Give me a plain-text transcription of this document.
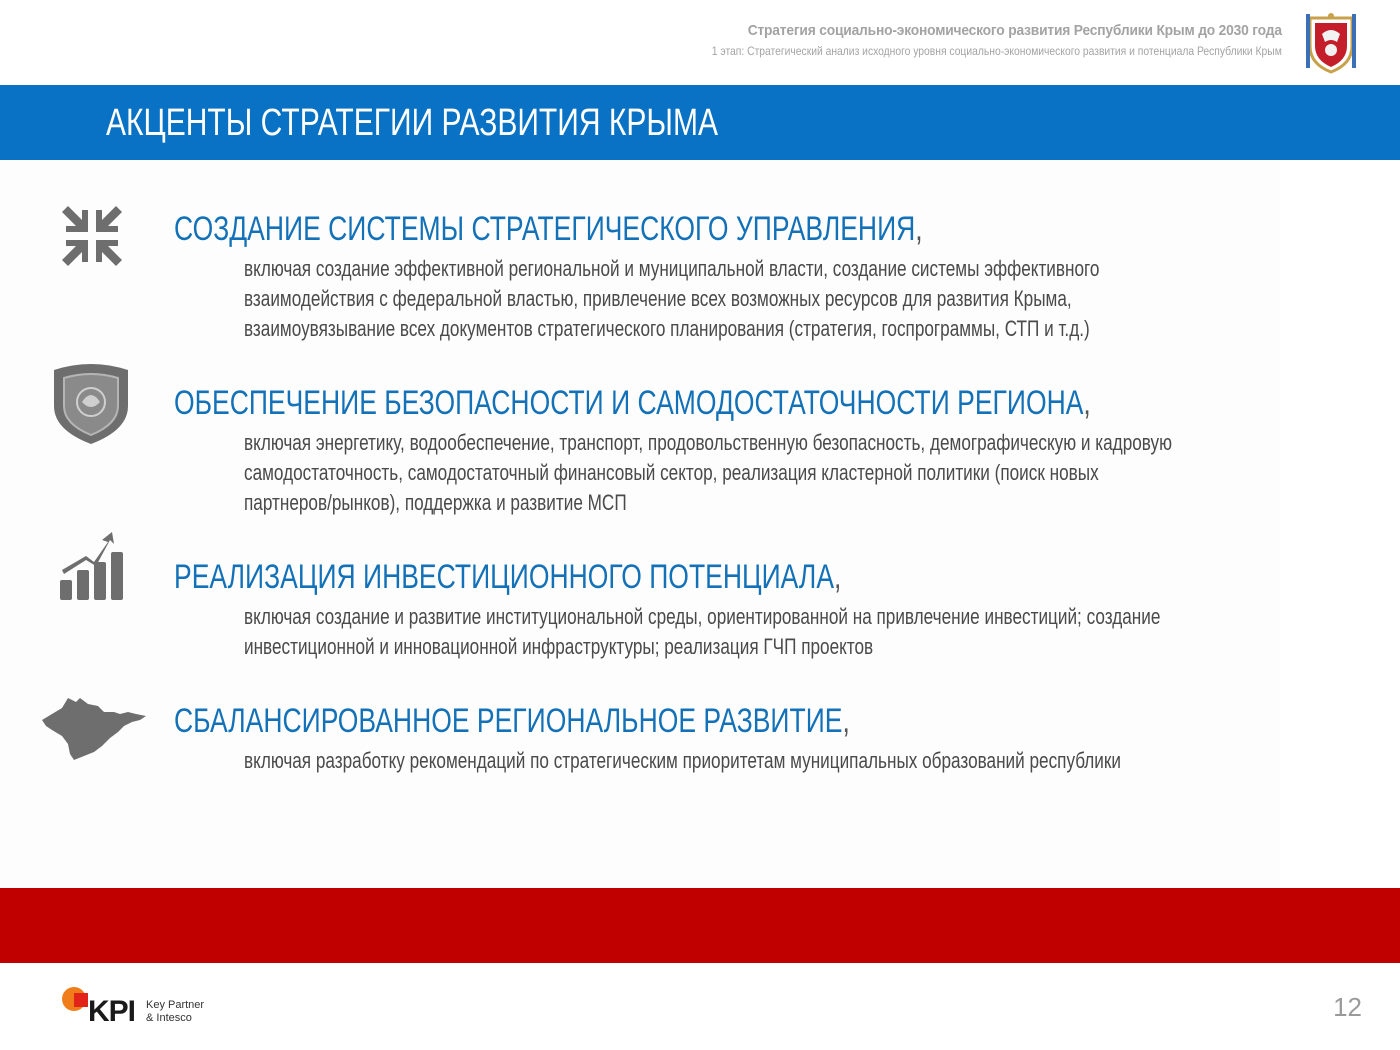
Стратегия социально-экономического развития Республики Крым до 2030 года
1 этап: Стратегический анализ исходного уровня социально-экономического развития и потенциала Республики Крым
АКЦЕНТЫ СТРАТЕГИИ РАЗВИТИЯ КРЫМА
СОЗДАНИЕ СИСТЕМЫ СТРАТЕГИЧЕСКОГО УПРАВЛЕНИЯ,
включая создание эффективной региональной и муниципальной власти, создание системы эффективного
взаимодействия с федеральной властью, привлечение всех возможных ресурсов для развития Крыма,
взаимоувязывание всех документов стратегического планирования (стратегия, госпрограммы, СТП и т.д.)
ОБЕСПЕЧЕНИЕ БЕЗОПАСНОСТИ И САМОДОСТАТОЧНОСТИ РЕГИОНА,
включая энергетику, водообеспечение, транспорт, продовольственную безопасность, демографическую и кадровую
самодостаточность, самодостаточный финансовый сектор, реализация кластерной политики (поиск новых
партнеров/рынков), поддержка и развитие МСП
РЕАЛИЗАЦИЯ ИНВЕСТИЦИОННОГО ПОТЕНЦИАЛА,
включая создание и развитие институциональной среды, ориентированной на привлечение инвестиций; создание
инвестиционной и инновационной инфраструктуры; реализация ГЧП проектов
СБАЛАНСИРОВАННОЕ РЕГИОНАЛЬНОЕ РАЗВИТИЕ,
включая разработку рекомендаций по стратегическим приоритетам муниципальных образований республики
KPI Key Partner
& Intesco	12
